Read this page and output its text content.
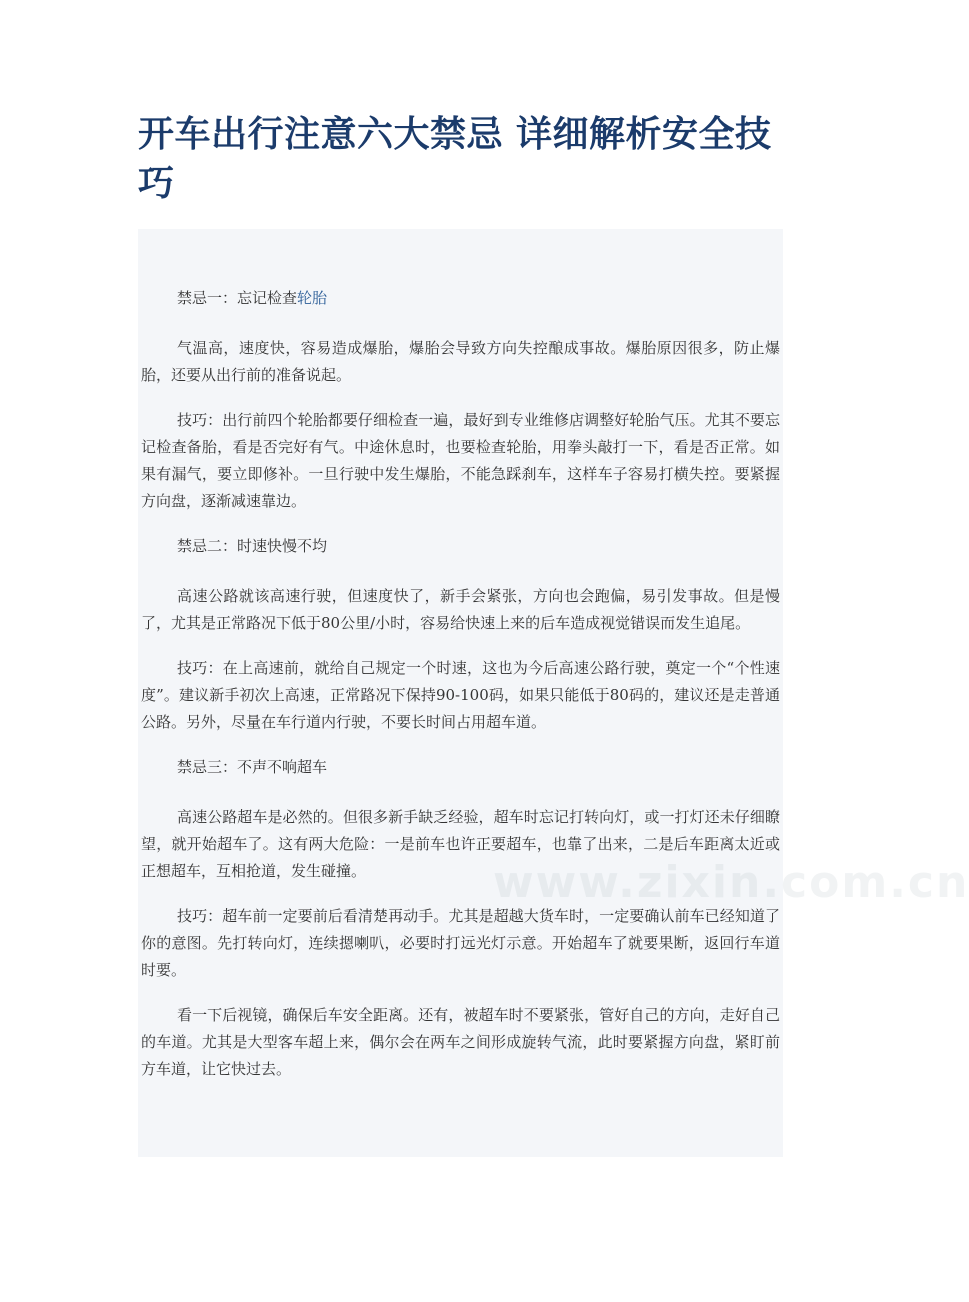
开车出行注意六大禁忌 详细解析安全技巧
www.zixin.com.cn

禁忌一：忘记检查轮胎

气温高，速度快，容易造成爆胎，爆胎会导致方向失控酿成事故。爆胎原因很多，防止爆胎，还要从出行前的准备说起。

技巧：出行前四个轮胎都要仔细检查一遍，最好到专业维修店调整好轮胎气压。尤其不要忘记检查备胎，看是否完好有气。中途休息时，也要检查轮胎，用拳头敲打一下，看是否正常。如果有漏气，要立即修补。一旦行驶中发生爆胎，不能急踩刹车，这样车子容易打横失控。要紧握方向盘，逐渐减速靠边。

禁忌二：时速快慢不均

高速公路就该高速行驶，但速度快了，新手会紧张，方向也会跑偏，易引发事故。但是慢了，尤其是正常路况下低于80公里/小时，容易给快速上来的后车造成视觉错误而发生追尾。

技巧：在上高速前，就给自己规定一个时速，这也为今后高速公路行驶，奠定一个“个性速度”。建议新手初次上高速，正常路况下保持90-100码，如果只能低于80码的，建议还是走普通公路。另外，尽量在车行道内行驶，不要长时间占用超车道。

禁忌三：不声不响超车

高速公路超车是必然的。但很多新手缺乏经验，超车时忘记打转向灯，或一打灯还未仔细瞭望，就开始超车了。这有两大危险：一是前车也许正要超车，也靠了出来，二是后车距离太近或正想超车，互相抢道，发生碰撞。

技巧：超车前一定要前后看清楚再动手。尤其是超越大货车时，一定要确认前车已经知道了你的意图。先打转向灯，连续摁喇叭，必要时打远光灯示意。开始超车了就要果断，返回行车道时要。

看一下后视镜，确保后车安全距离。还有，被超车时不要紧张，管好自己的方向，走好自己的车道。尤其是大型客车超上来，偶尔会在两车之间形成旋转气流，此时要紧握方向盘，紧盯前方车道，让它快过去。
